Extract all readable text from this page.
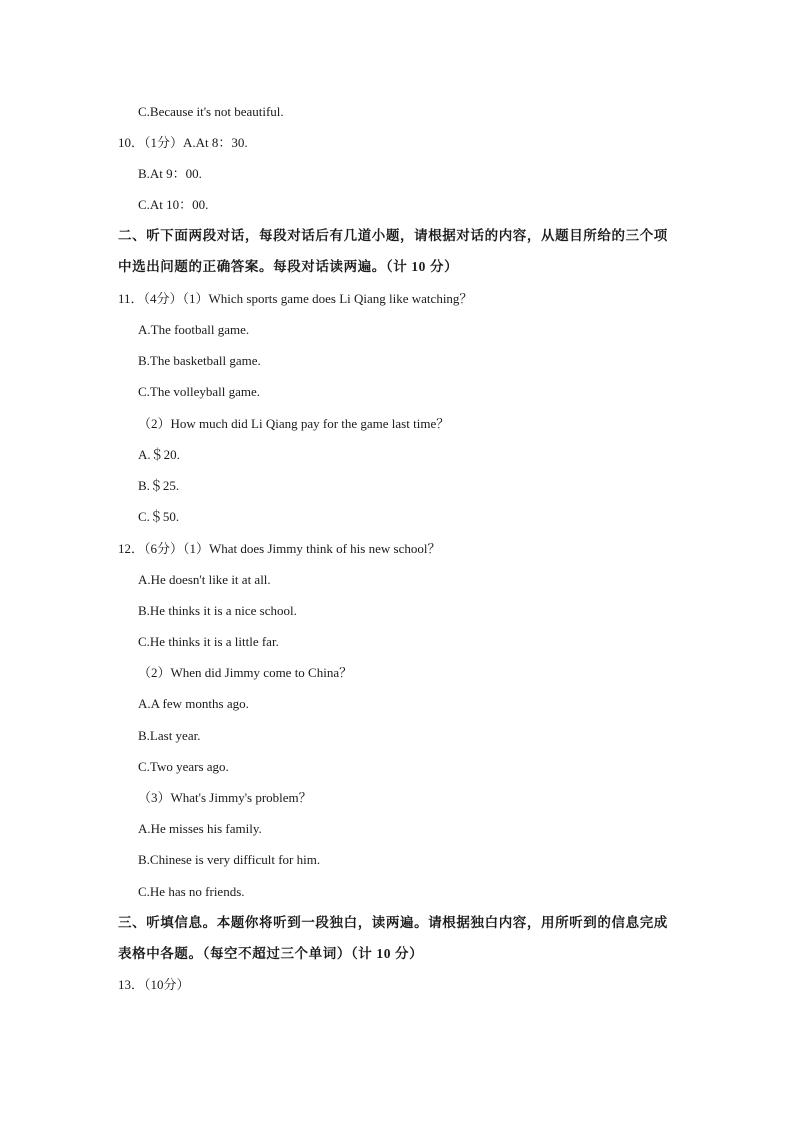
C.Because it's not beautiful.
10．（1分）A.At 8：30.
B.At 9：00.
C.At 10：00.
二、听下面两段对话，每段对话后有几道小题，请根据对话的内容，从题目所给的三个项
中选出问题的正确答案。每段对话读两遍。（计 10 分）
11．（4分）（1）Which sports game does Li Qiang like watching？
A.The football game.
B.The basketball game.
C.The volleyball game.
（2）How much did Li Qiang pay for the game last time？
A.＄20.
B.＄25.
C.＄50.
12．（6分）（1）What does Jimmy think of his new school？
A.He doesn't like it at all.
B.He thinks it is a nice school.
C.He thinks it is a little far.
（2）When did Jimmy come to China？
A.A few months ago.
B.Last year.
C.Two years ago.
（3）What's Jimmy's problem？
A.He misses his family.
B.Chinese is very difficult for him.
C.He has no friends.
三、听填信息。本题你将听到一段独白，读两遍。请根据独白内容，用所听到的信息完成
表格中各题。（每空不超过三个单词）（计 10 分）
13．（10分）
